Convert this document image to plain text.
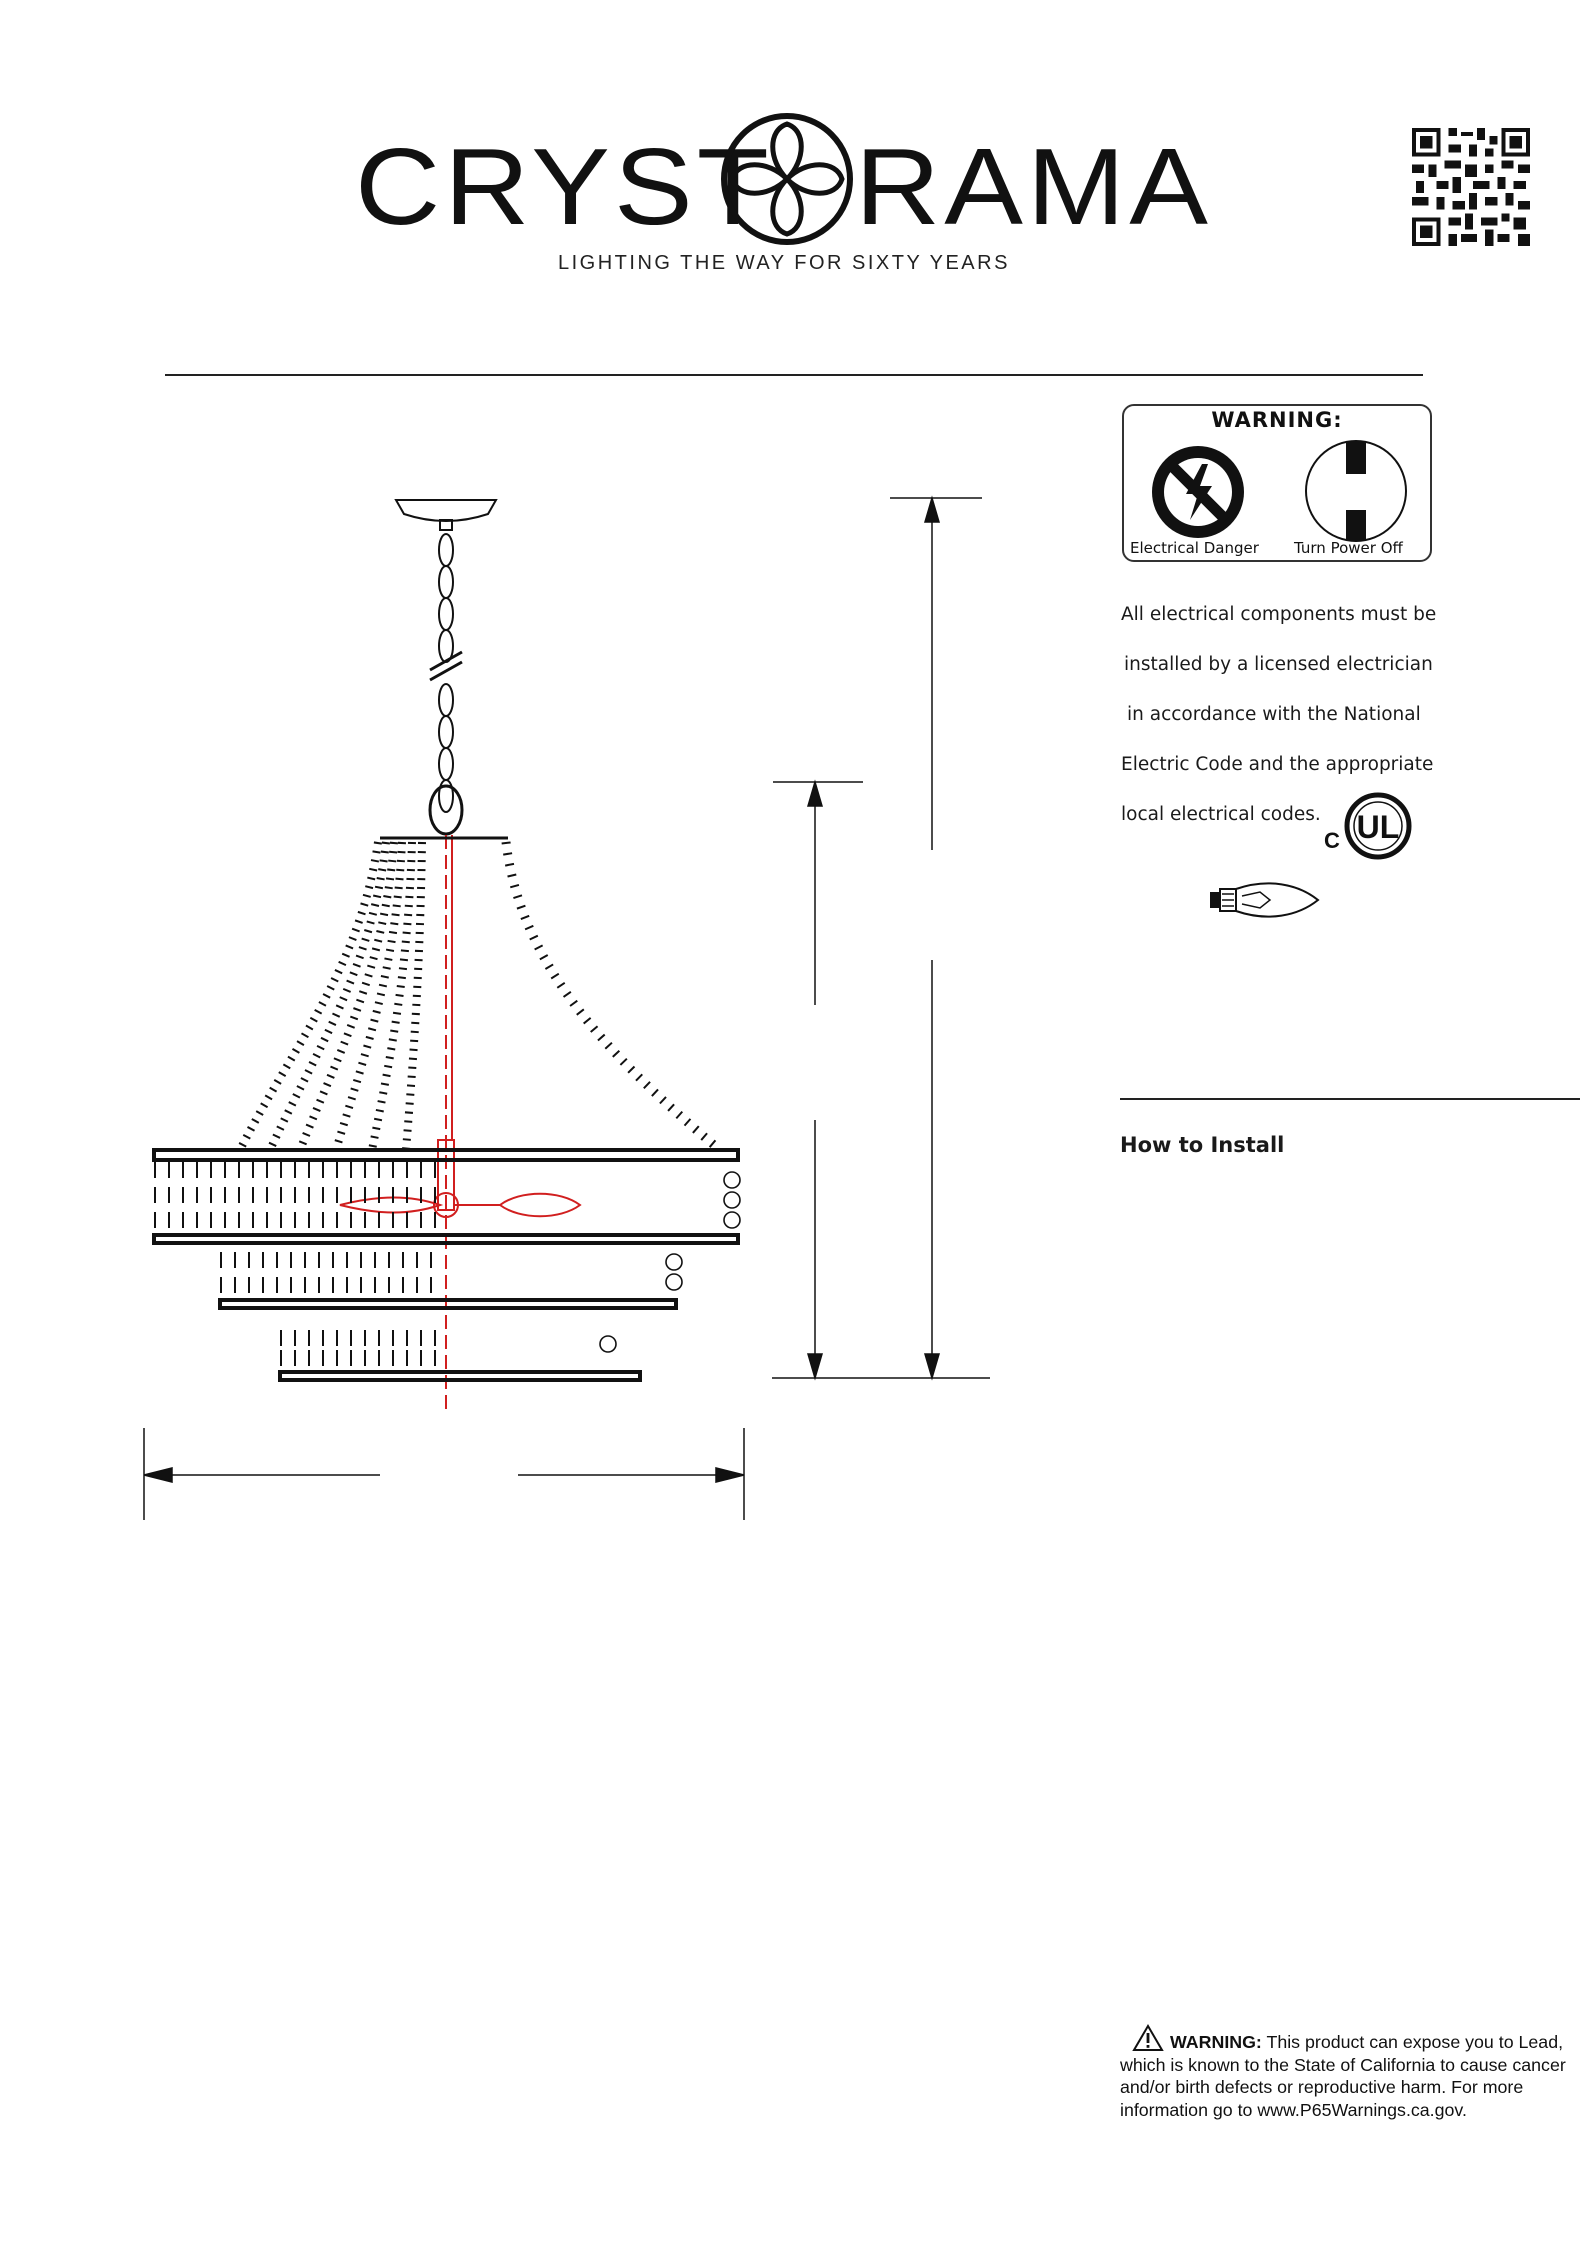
CRYST RAMA
LIGHTING THE WAY FOR SIXTY YEARS
WARNING:
Electrical Danger Turn Power Off
All electrical components must be
installed by a licensed electrician
in accordance with the National
Electric Code and the appropriate
local electrical codes.
C UL
How to Install
WARNING: This product can expose you to Lead,
which is known to the State of California to cause cancer
and/or birth defects or reproductive harm. For more
information go to www.P65Warnings.ca.gov.
